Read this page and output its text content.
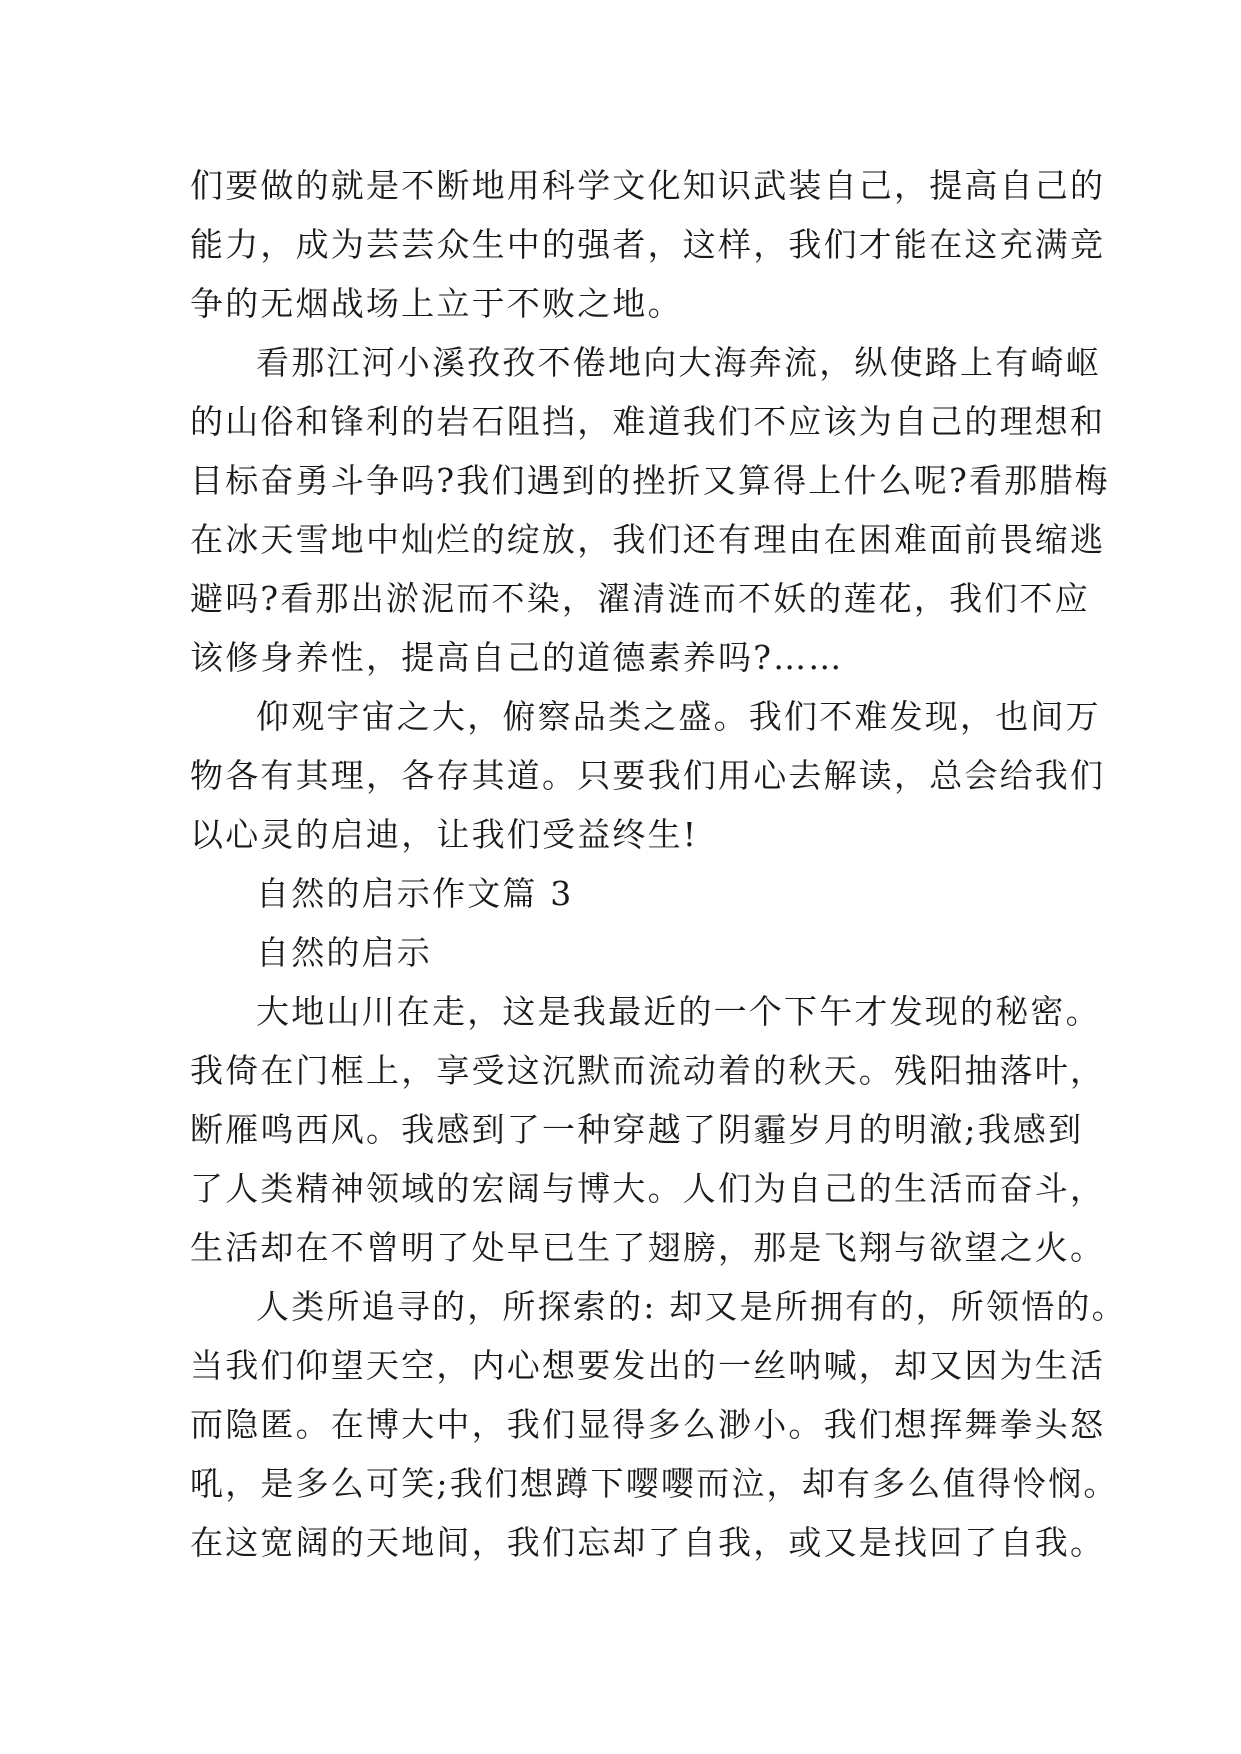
们要做的就是不断地用科学文化知识武装自己，提高自己的
能力，成为芸芸众生中的强者，这样，我们才能在这充满竞
争的无烟战场上立于不败之地。
看那江河小溪孜孜不倦地向大海奔流，纵使路上有崎岖
的山俗和锋利的岩石阻挡，难道我们不应该为自己的理想和
目标奋勇斗争吗?我们遇到的挫折又算得上什么呢?看那腊梅
在冰天雪地中灿烂的绽放，我们还有理由在困难面前畏缩逃
避吗?看那出淤泥而不染，濯清涟而不妖的莲花，我们不应
该修身养性，提高自己的道德素养吗?……
仰观宇宙之大，俯察品类之盛。我们不难发现，也间万
物各有其理，各存其道。只要我们用心去解读，总会给我们
以心灵的启迪，让我们受益终生!
自然的启示作文篇 3
自然的启示
大地山川在走，这是我最近的一个下午才发现的秘密。
我倚在门框上，享受这沉默而流动着的秋天。残阳抽落叶，
断雁鸣西风。我感到了一种穿越了阴霾岁月的明澈;我感到
了人类精神领域的宏阔与博大。人们为自己的生活而奋斗，
生活却在不曾明了处早已生了翅膀，那是飞翔与欲望之火。
人类所追寻的，所探索的: 却又是所拥有的，所领悟的。
当我们仰望天空，内心想要发出的一丝呐喊，却又因为生活
而隐匿。在博大中，我们显得多么渺小。我们想挥舞拳头怒
吼，是多么可笑;我们想蹲下嘤嘤而泣，却有多么值得怜悯。
在这宽阔的天地间，我们忘却了自我，或又是找回了自我。
